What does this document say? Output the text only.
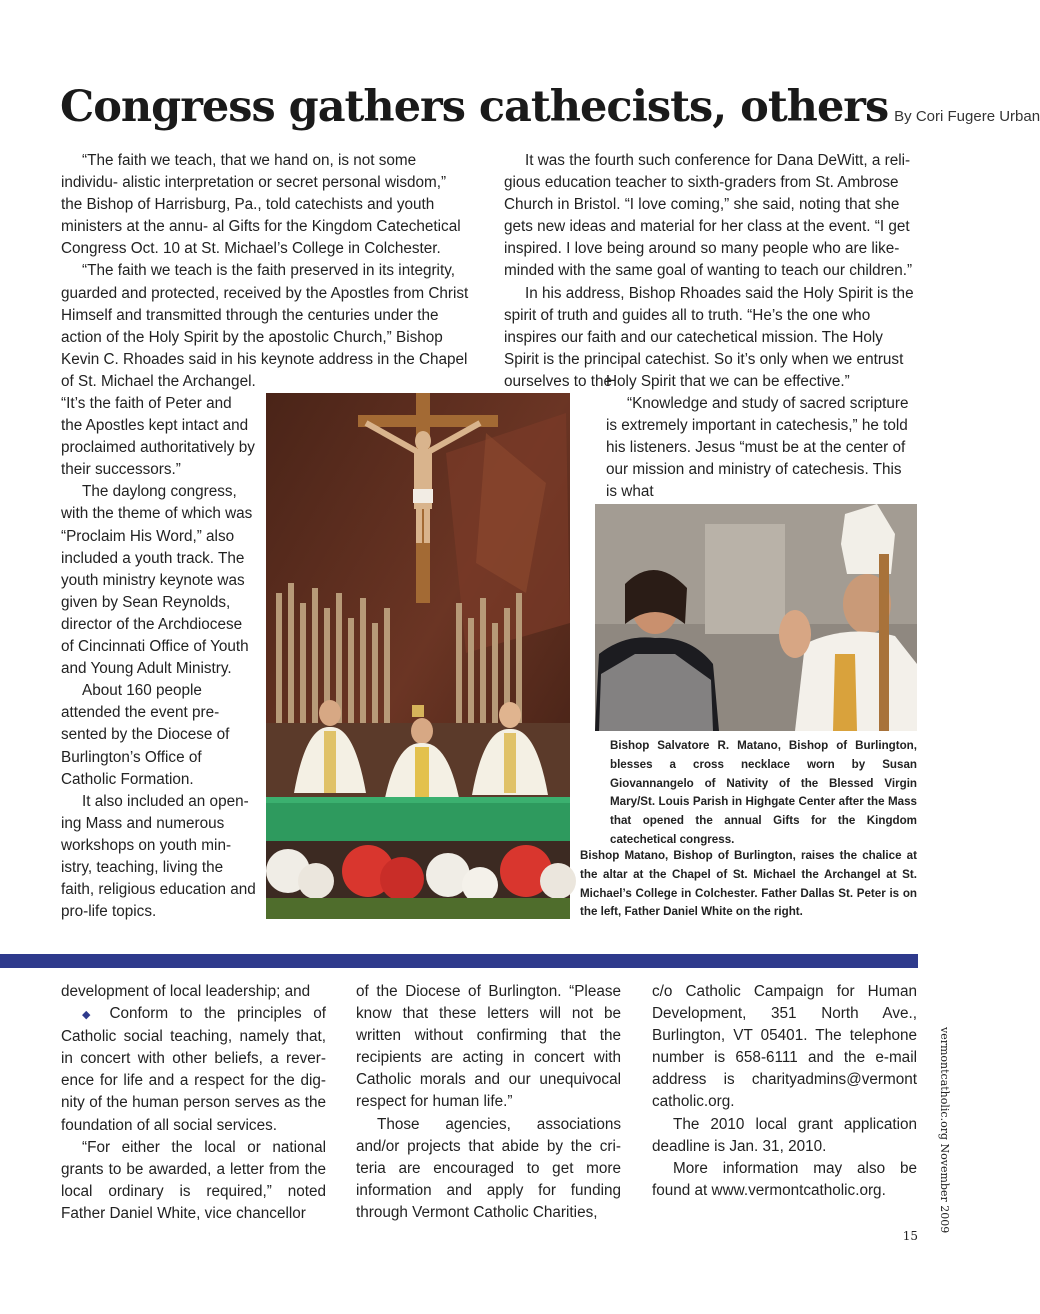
Congress gathers cathecists, others By Cori Fugere Urban

“The faith we teach, that we hand on, is not some individu- alistic interpretation or secret personal wisdom,” the Bishop of Harrisburg, Pa., told catechists and youth ministers at the annu- al Gifts for the Kingdom Catechetical Congress Oct. 10 at St. Michael’s College in Colchester.

“The faith we teach is the faith preserved in its integrity, guarded and protected, received by the Apostles from Christ Himself and transmitted through the centuries under the action of the Holy Spirit by the apostolic Church,” Bishop Kevin C. Rhoades said in his keynote address in the Chapel of St. Michael the Archangel.

“It’s the faith of Peter and the Apostles kept intact and proclaimed authoritatively by their successors.”

The daylong congress, with the theme of which was “Proclaim His Word,” also included a youth track. The youth ministry keynote was given by Sean Reynolds, director of the Archdiocese of Cincinnati Office of Youth and Young Adult Ministry.

About 160 people attended the event pre- sented by the Diocese of Burlington’s Office of Catholic Formation.

It also included an open- ing Mass and numerous workshops on youth min- istry, teaching, living the faith, religious education and pro-life topics.

It was the fourth such conference for Dana DeWitt, a reli- gious education teacher to sixth-graders from St. Ambrose Church in Bristol. “I love coming,” she said, noting that she gets new ideas and material for her class at the event. “I get inspired. I love being around so many people who are like- minded with the same goal of wanting to teach our children.”

In his address, Bishop Rhoades said the Holy Spirit is the spirit of truth and guides all to truth. “He’s the one who inspires our faith and our catechetical mission. The Holy Spirit is the principal catechist. So it’s only when we entrust ourselves to the

Holy Spirit that we can be effective.”

“Knowledge and study of sacred scripture is extremely important in catechesis,” he told his listeners. Jesus “must be at the center of our mission and ministry of catechesis. This is what

Bishop Salvatore R. Matano, Bishop of Burlington, blesses a cross necklace worn by Susan Giovannangelo of Nativity of the Blessed Virgin Mary/St. Louis Parish in Highgate Center after the Mass that opened the annual Gifts for the Kingdom catechetical congress.
Bishop Matano, Bishop of Burlington, raises the chalice at the altar at the Chapel of St. Michael the Archangel at St. Michael’s College in Colchester. Father Dallas St. Peter is on the left, Father Daniel White on the right.

development of local leadership; and

◆ Conform to the principles of Catholic social teaching, namely that, in concert with other beliefs, a rever- ence for life and a respect for the dig- nity of the human person serves as the foundation of all social services.

“For either the local or national grants to be awarded, a letter from the local ordinary is required,” noted Father Daniel White, vice chancellor

of the Diocese of Burlington. “Please know that these letters will not be written without confirming that the recipients are acting in concert with Catholic morals and our unequivocal respect for human life.”

Those agencies, associations and/or projects that abide by the cri- teria are encouraged to get more information and apply for funding through Vermont Catholic Charities,

c/o Catholic Campaign for Human Development, 351 North Ave., Burlington, VT 05401. The telephone number is 658-6111 and the e-mail address is charityadmins@vermont catholic.org.

The 2010 local grant application deadline is Jan. 31, 2010.

More information may also be found at www.vermontcatholic.org.	vermontcatholic.org November 2009
15
